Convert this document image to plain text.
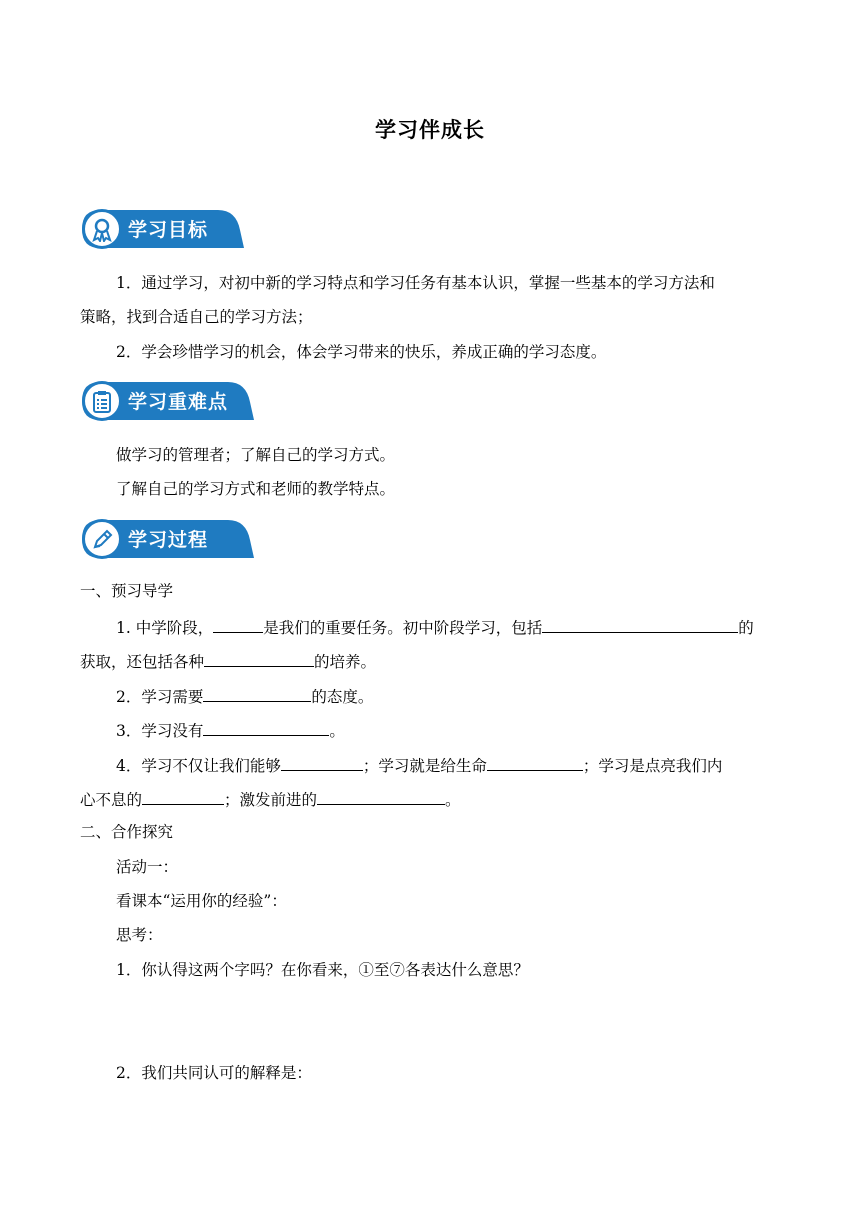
学习伴成长
学习目标
1．通过学习，对初中新的学习特点和学习任务有基本认识，掌握一些基本的学习方法和
策略，找到合适自己的学习方法；
2．学会珍惜学习的机会，体会学习带来的快乐，养成正确的学习态度。
学习重难点
做学习的管理者；了解自己的学习方式。
了解自己的学习方式和老师的教学特点。
学习过程
一、预习导学
1. 中学阶段，	是我们的重要任务。初中阶段学习，包括	的
获取，还包括各种	的培养。
2．学习需要	的态度。
3．学习没有	。
4．学习不仅让我们能够	；学习就是给生命	；学习是点亮我们内
心不息的	；激发前进的	。
二、合作探究
活动一：
看课本“运用你的经验”：
思考：
1．你认得这两个字吗？在你看来，①至⑦各表达什么意思？
2．我们共同认可的解释是：
